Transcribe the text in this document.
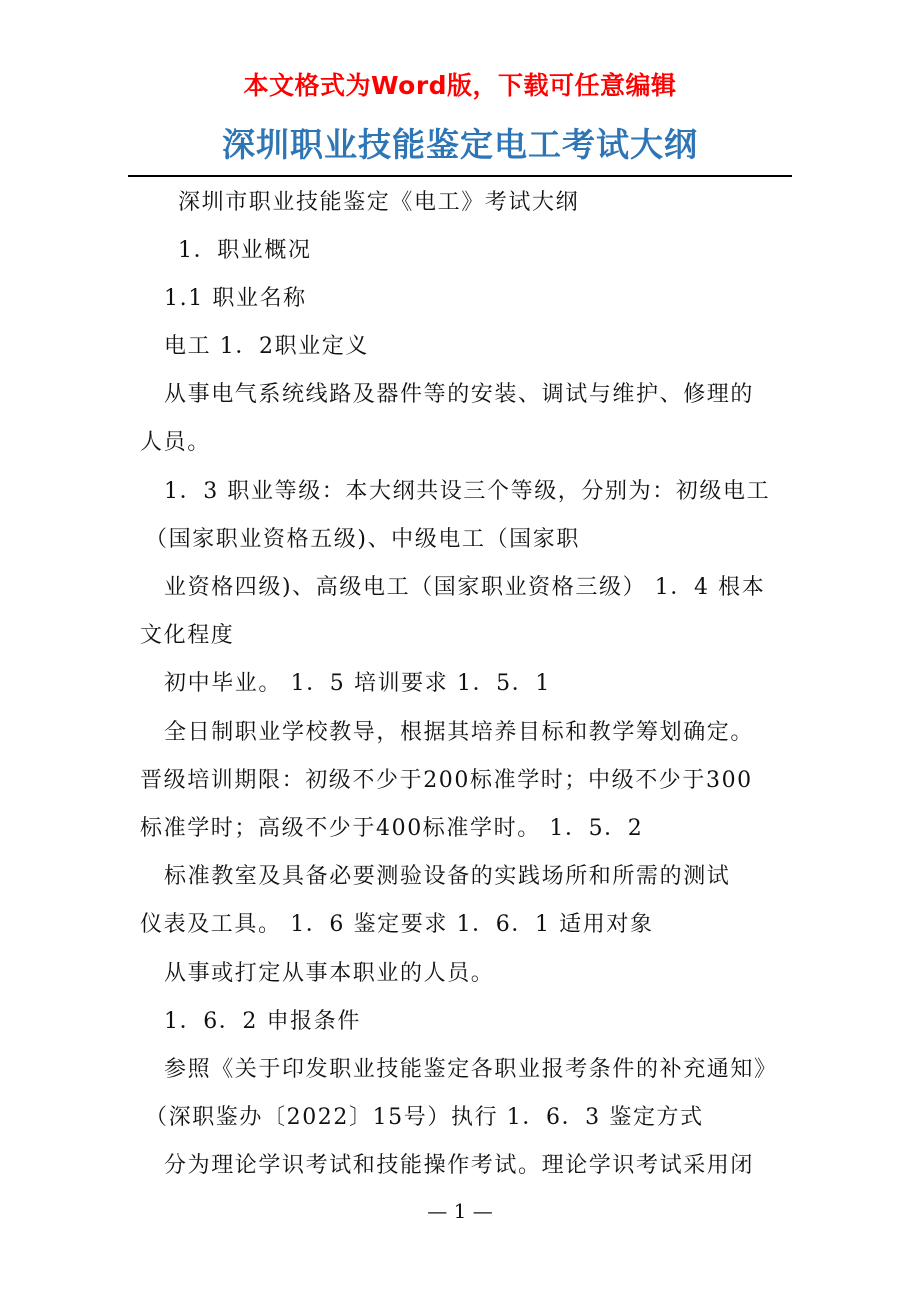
本文格式为Word版，下载可任意编辑
深圳职业技能鉴定电工考试大纲
深圳市职业技能鉴定《电工》考试大纲
1．职业概况
1.1 职业名称
电工 1．2职业定义
从事电气系统线路及器件等的安装、调试与维护、修理的
人员。
1．3 职业等级：本大纲共设三个等级，分别为：初级电工
（国家职业资格五级)、中级电工（国家职
业资格四级)、高级电工（国家职业资格三级） 1．4 根本
文化程度
初中毕业。 1．5 培训要求 1．5．1
全日制职业学校教导，根据其培养目标和教学筹划确定。
晋级培训期限：初级不少于200标准学时；中级不少于300
标准学时；高级不少于400标准学时。 1．5．2
标准教室及具备必要测验设备的实践场所和所需的测试
仪表及工具。 1．6 鉴定要求 1．6．1 适用对象
从事或打定从事本职业的人员。
1．6．2 申报条件
参照《关于印发职业技能鉴定各职业报考条件的补充通知》
（深职鉴办〔2022〕15号）执行 1．6．3 鉴定方式
分为理论学识考试和技能操作考试。理论学识考试采用闭
— 1 —
